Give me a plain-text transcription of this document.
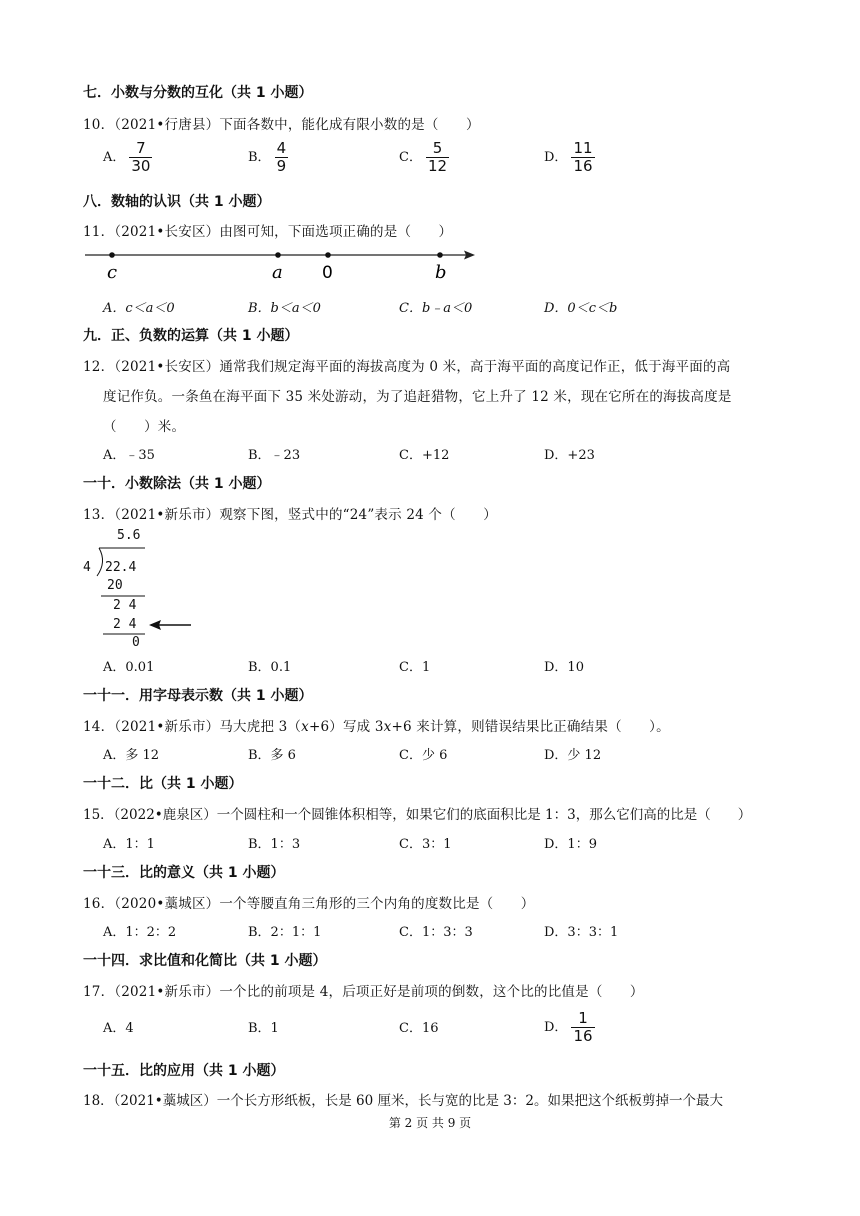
七．小数与分数的互化（共 1 小题）
10．（2021•行唐县）下面各数中，能化成有限小数的是（　　）
A． $\frac{7}{30}$	B． $\frac{4}{9}$	C． $\frac{5}{12}$	D． $\frac{11}{16}$
八．数轴的认识（共 1 小题）
11．（2021•长安区）由图可知，下面选项正确的是（　　）
c	a 0	b
A．c＜a＜0	B．b＜a＜0	C．b﹣a＜0	D．0＜c＜b
九．正、负数的运算（共 1 小题）
12．（2021•长安区）通常我们规定海平面的海拔高度为 0 米，高于海平面的高度记作正，低于海平面的高
度记作负。一条鱼在海平面下 35 米处游动，为了追赶猎物，它上升了 12 米，现在它所在的海拔高度是
（　　）米。
A．﹣35	B．﹣23	C．+12	D．+23
一十．小数除法（共 1 小题）
13．（2021•新乐市）观察下图，竖式中的“24”表示 24 个（　　）
5.6
4 22.4
20
2 4
2 4
0
A．0.01	B．0.1	C．1	D．10
一十一．用字母表示数（共 1 小题）
14．（2021•新乐市）马大虎把 3（x+6）写成 3x+6 来计算，则错误结果比正确结果（　　）。
A．多 12	B．多 6	C．少 6	D．少 12
一十二．比（共 1 小题）
15．（2022•鹿泉区）一个圆柱和一个圆锥体积相等，如果它们的底面积比是 1：3，那么它们高的比是（　　）
A．1：1	B．1：3	C．3：1	D．1：9
一十三．比的意义（共 1 小题）
16．（2020•藁城区）一个等腰直角三角形的三个内角的度数比是（　　）
A．1：2：2	B．2：1：1	C．1：3：3	D．3：3：1
一十四．求比值和化简比（共 1 小题）
17．（2021•新乐市）一个比的前项是 4，后项正好是前项的倒数，这个比的比值是（　　）
A．4	B．1	C．16	D． $\frac{1}{16}$
一十五．比的应用（共 1 小题）
18．（2021•藁城区）一个长方形纸板，长是 60 厘米，长与宽的比是 3：2。如果把这个纸板剪掉一个最大
第 2 页 共 9 页
